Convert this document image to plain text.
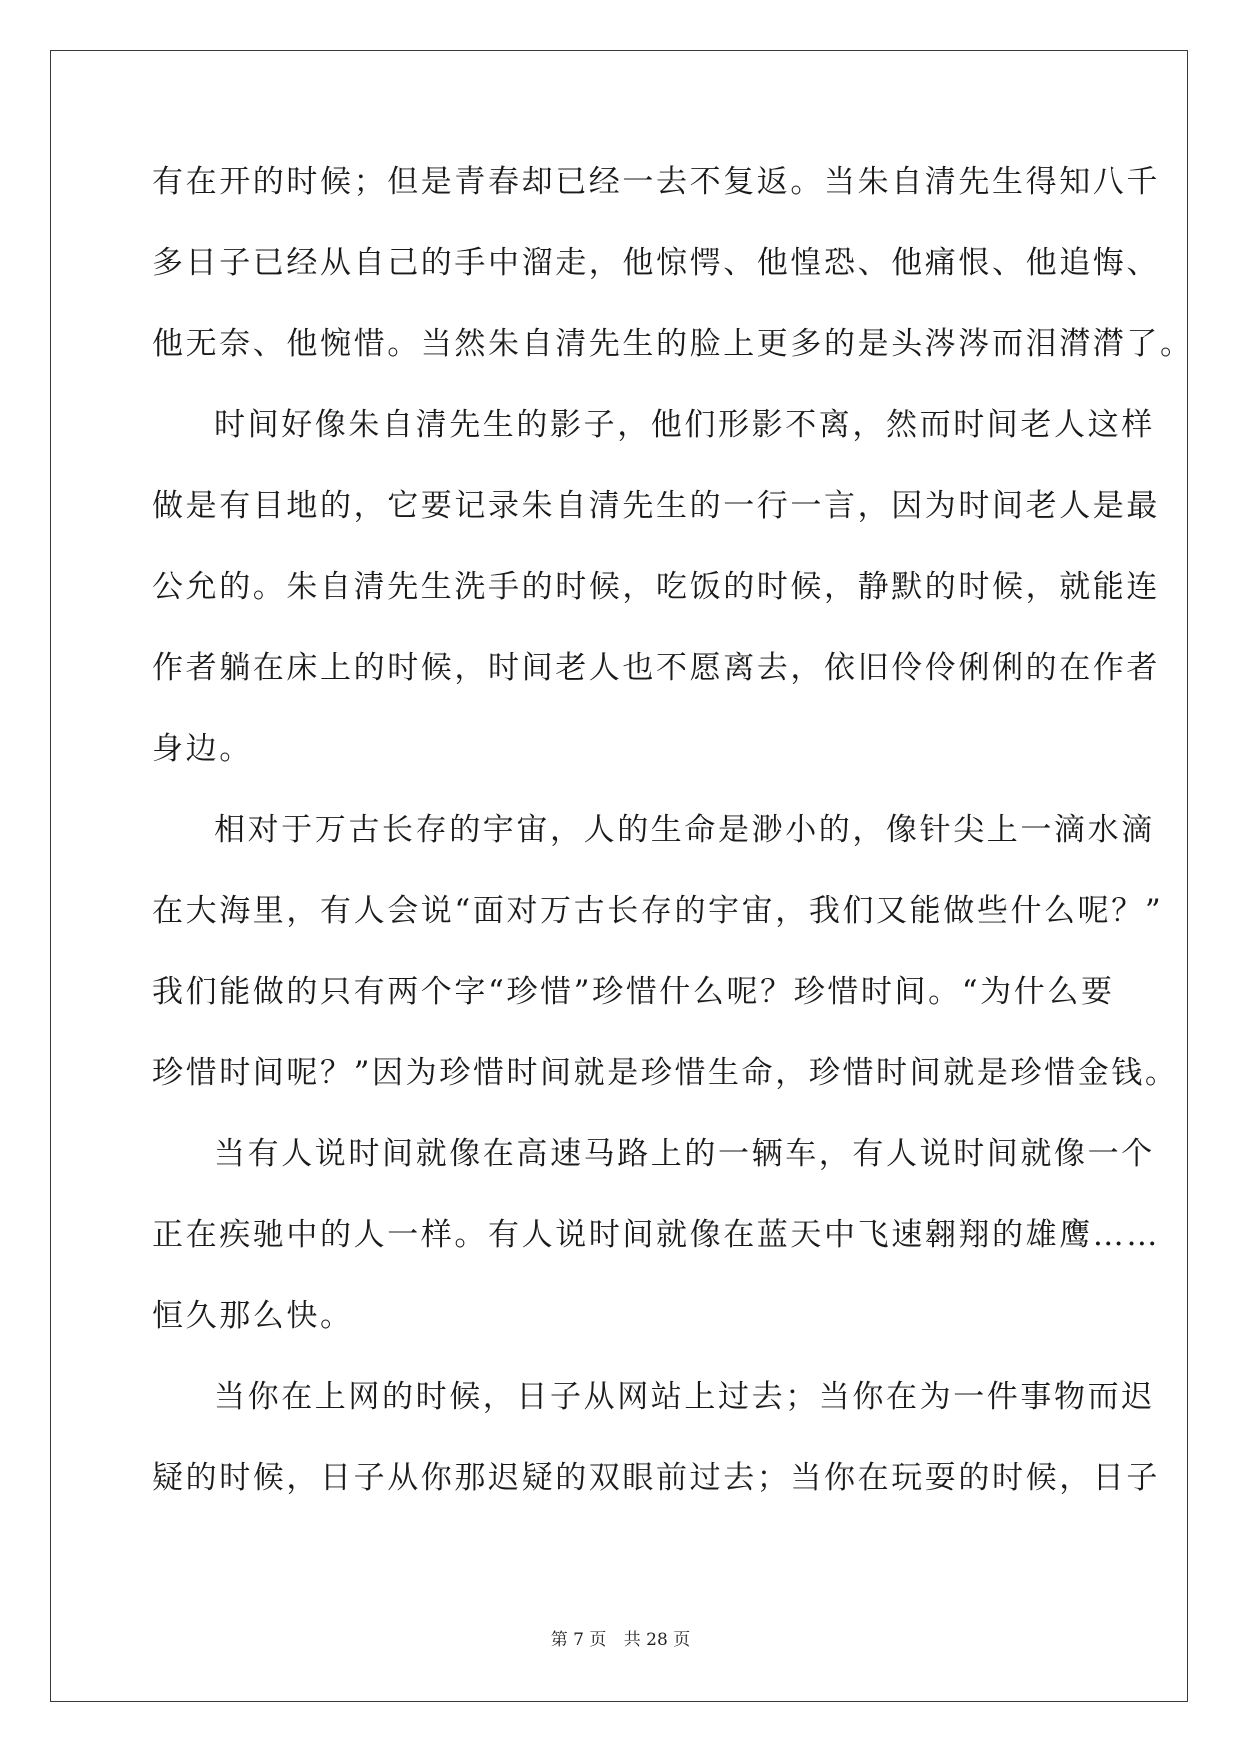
有在开的时候；但是青春却已经一去不复返。当朱自清先生得知八千
多日子已经从自己的手中溜走，他惊愕、他惶恐、他痛恨、他追悔、
他无奈、他惋惜。当然朱自清先生的脸上更多的是头涔涔而泪潸潸了。
时间好像朱自清先生的影子，他们形影不离，然而时间老人这样
做是有目地的，它要记录朱自清先生的一行一言，因为时间老人是最
公允的。朱自清先生洗手的时候，吃饭的时候，静默的时候，就能连
作者躺在床上的时候，时间老人也不愿离去，依旧伶伶俐俐的在作者
身边。
相对于万古长存的宇宙，人的生命是渺小的，像针尖上一滴水滴
在大海里，有人会说“面对万古长存的宇宙，我们又能做些什么呢？”
我们能做的只有两个字“珍惜”珍惜什么呢？珍惜时间。“为什么要
珍惜时间呢？”因为珍惜时间就是珍惜生命，珍惜时间就是珍惜金钱。
当有人说时间就像在高速马路上的一辆车，有人说时间就像一个
正在疾驰中的人一样。有人说时间就像在蓝天中飞速翱翔的雄鹰……
恒久那么快。
当你在上网的时候，日子从网站上过去；当你在为一件事物而迟
疑的时候，日子从你那迟疑的双眼前过去；当你在玩耍的时候，日子
第 7 页 共 28 页
